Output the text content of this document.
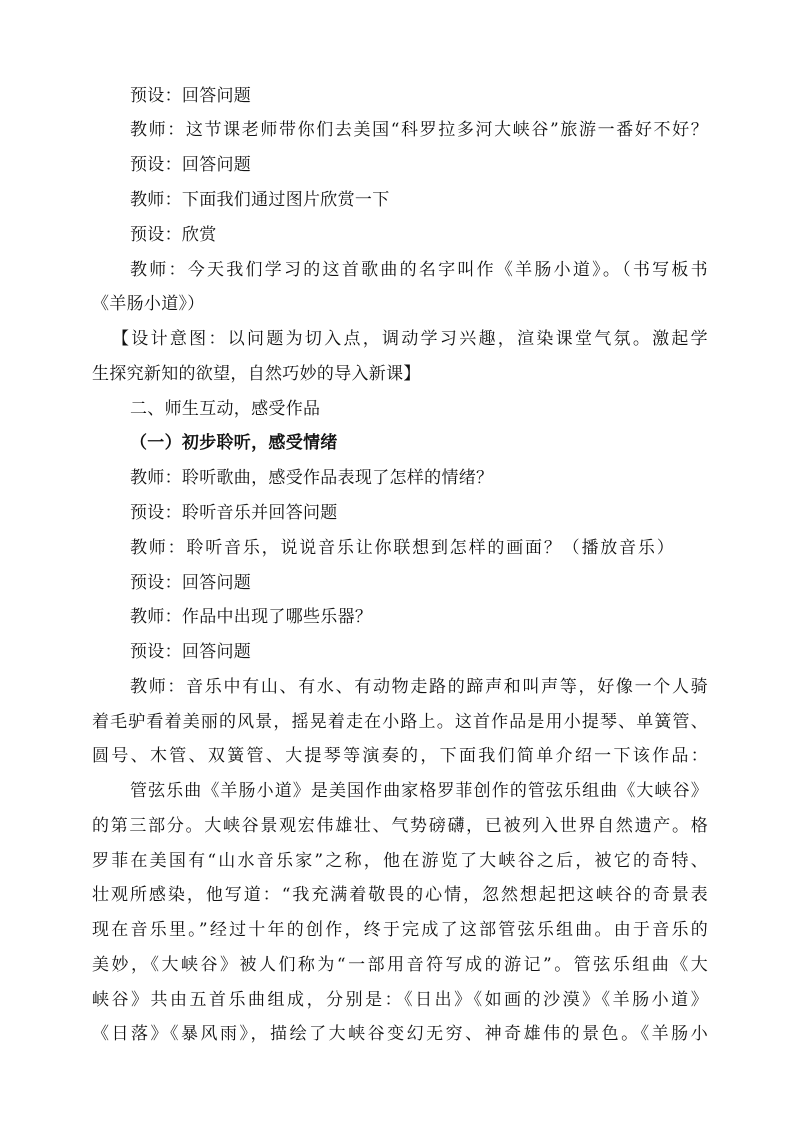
预设：回答问题
教师：这节课老师带你们去美国“科罗拉多河大峡谷”旅游一番好不好？
预设：回答问题
教师：下面我们通过图片欣赏一下
预设：欣赏
教师：今天我们学习的这首歌曲的名字叫作《羊肠小道》。（书写板书
《羊肠小道》）
【设计意图：以问题为切入点，调动学习兴趣，渲染课堂气氛。激起学
生探究新知的欲望，自然巧妙的导入新课】
二、师生互动，感受作品
（一）初步聆听，感受情绪
教师：聆听歌曲，感受作品表现了怎样的情绪？
预设：聆听音乐并回答问题
教师：聆听音乐，说说音乐让你联想到怎样的画面？（播放音乐）
预设：回答问题
教师：作品中出现了哪些乐器？
预设：回答问题
教师：音乐中有山、有水、有动物走路的蹄声和叫声等，好像一个人骑
着毛驴看着美丽的风景，摇晃着走在小路上。这首作品是用小提琴、单簧管、
圆号、木管、双簧管、大提琴等演奏的，下面我们简单介绍一下该作品：
管弦乐曲《羊肠小道》是美国作曲家格罗菲创作的管弦乐组曲《大峡谷》
的第三部分。大峡谷景观宏伟雄壮、气势磅礴，已被列入世界自然遗产。格
罗菲在美国有“山水音乐家”之称，他在游览了大峡谷之后，被它的奇特、
壮观所感染，他写道：“我充满着敬畏的心情，忽然想起把这峡谷的奇景表
现在音乐里。”经过十年的创作，终于完成了这部管弦乐组曲。由于音乐的
美妙，《大峡谷》被人们称为“一部用音符写成的游记”。管弦乐组曲《大
峡谷》共由五首乐曲组成，分别是：《日出》《如画的沙漠》《羊肠小道》
《日落》《暴风雨》，描绘了大峡谷变幻无穷、神奇雄伟的景色。《羊肠小
